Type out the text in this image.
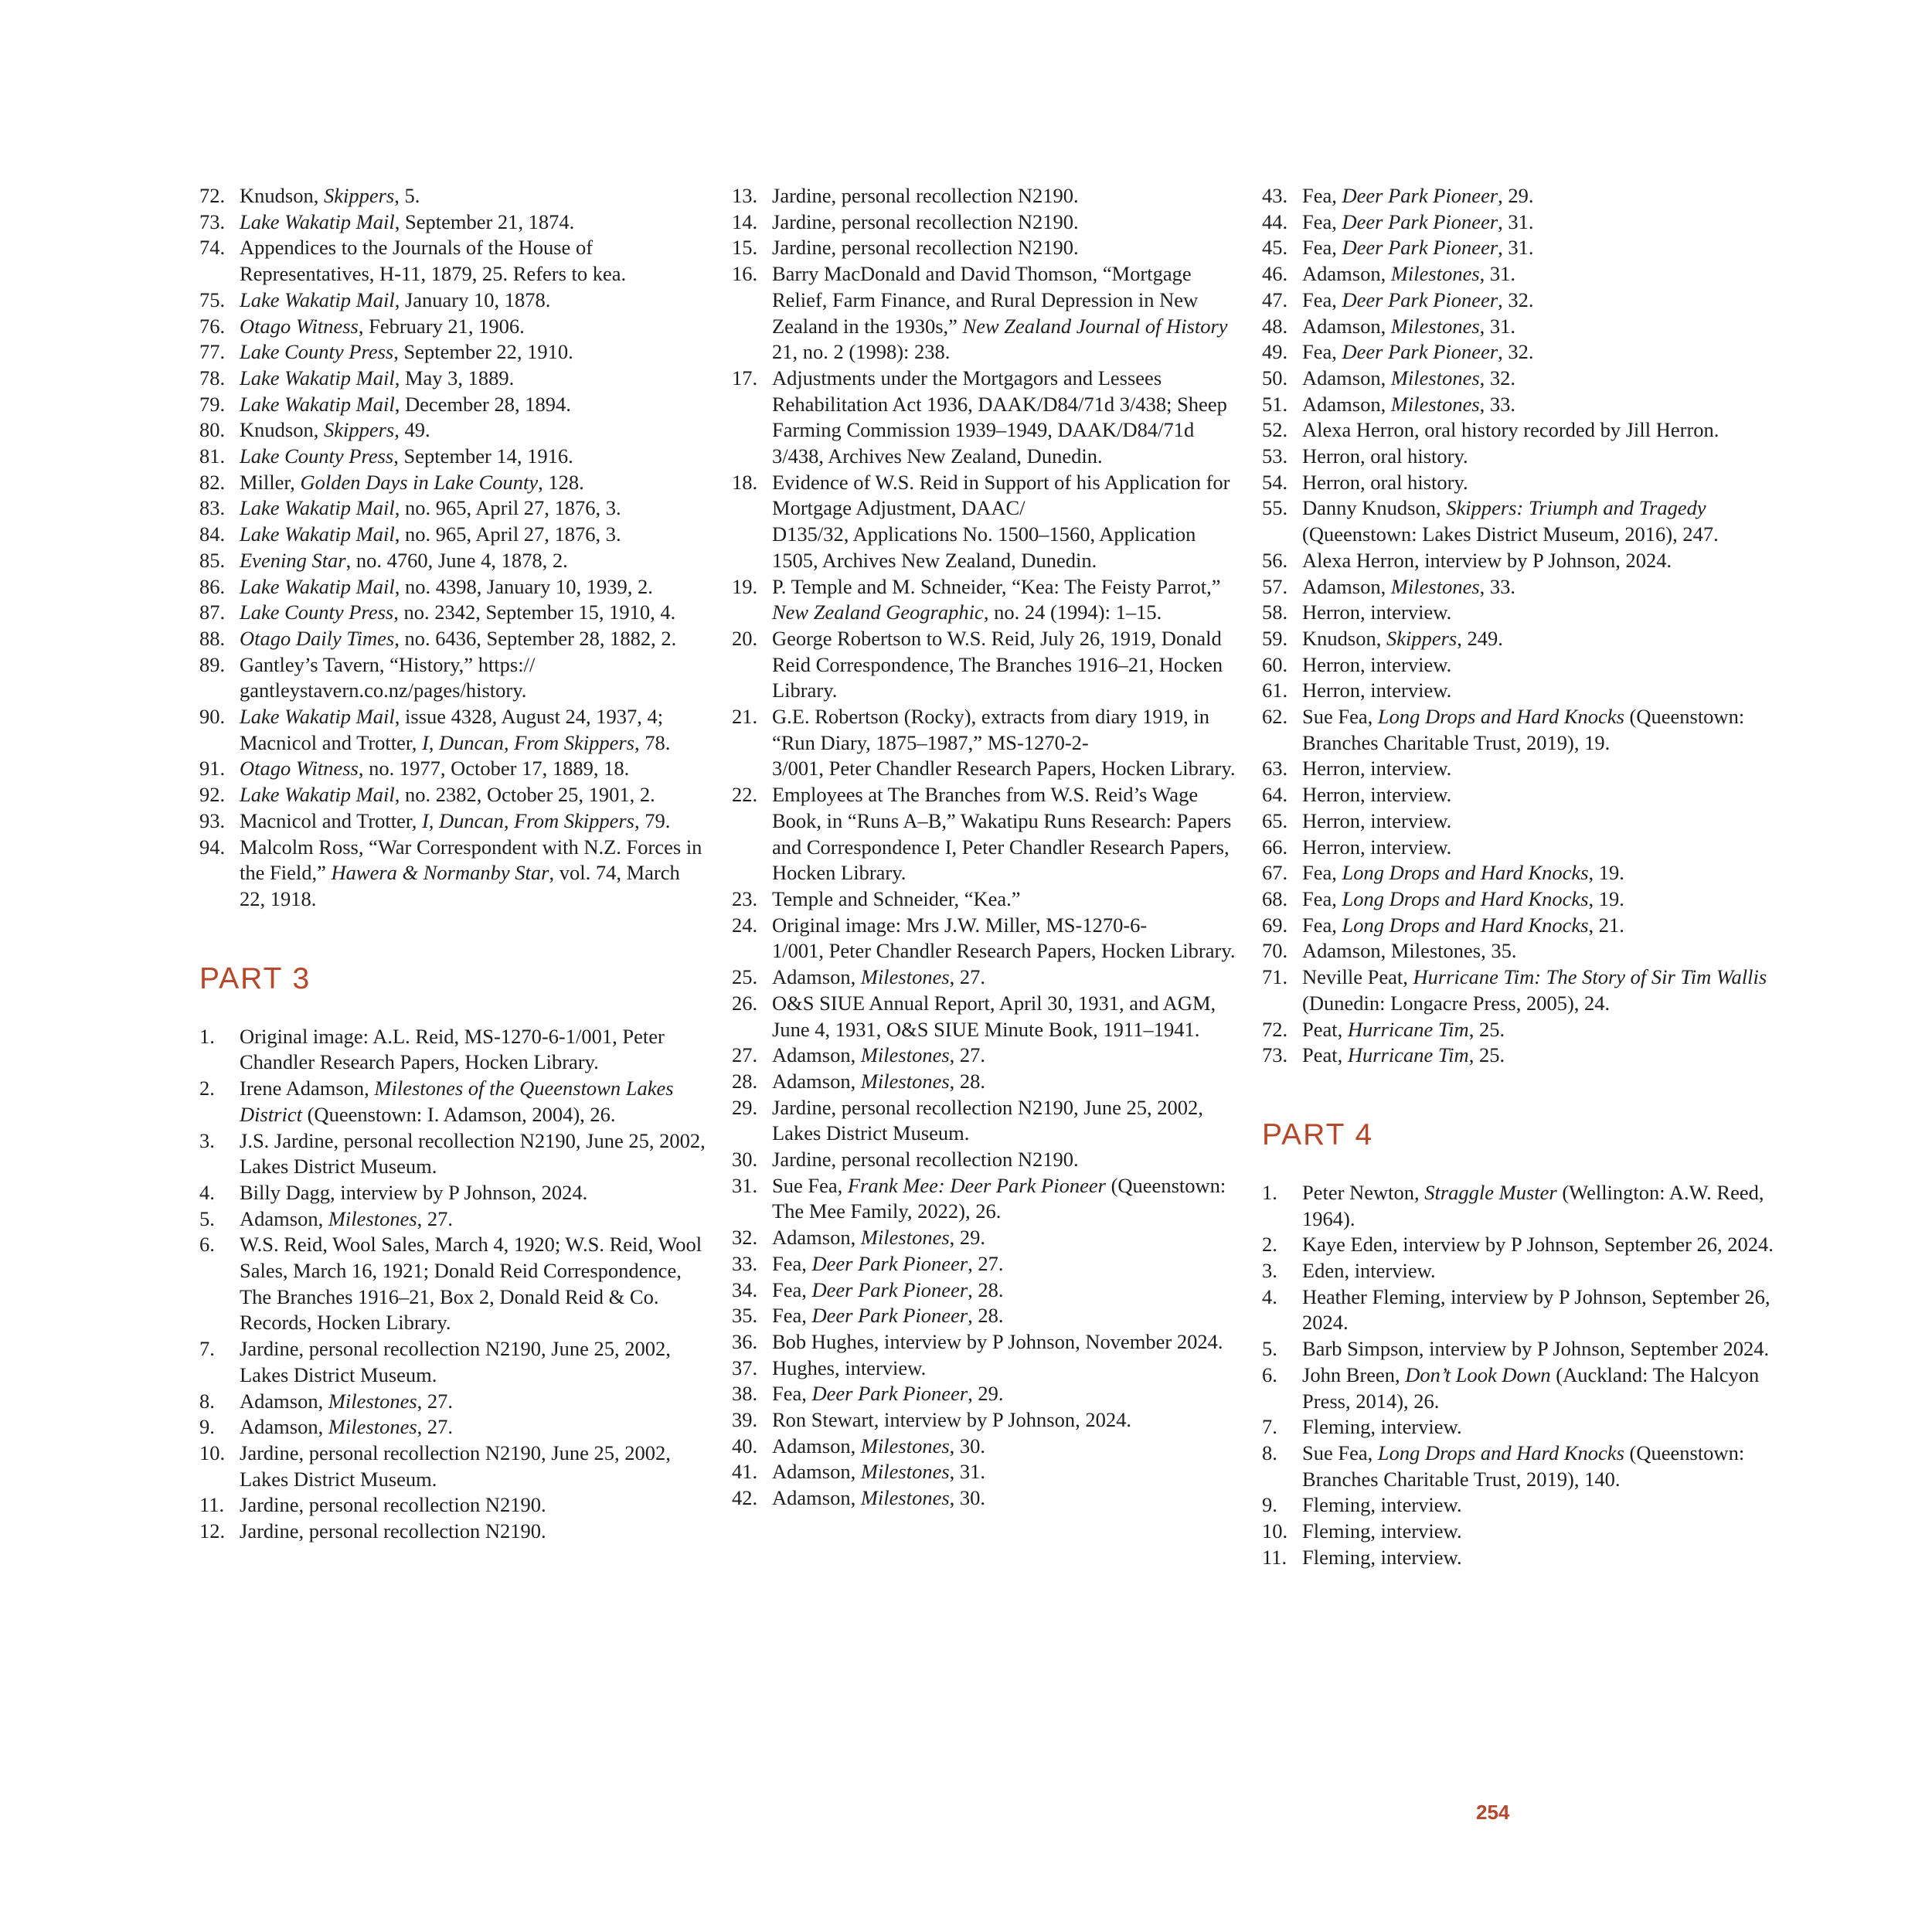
72. Knudson, Skippers, 5.
73. Lake Wakatip Mail, September 21, 1874.
74. Appendices to the Journals of the House of Representatives, H-11, 1879, 25. Refers to kea.
75. Lake Wakatip Mail, January 10, 1878.
76. Otago Witness, February 21, 1906.
77. Lake County Press, September 22, 1910.
78. Lake Wakatip Mail, May 3, 1889.
79. Lake Wakatip Mail, December 28, 1894.
80. Knudson, Skippers, 49.
81. Lake County Press, September 14, 1916.
82. Miller, Golden Days in Lake County, 128.
83. Lake Wakatip Mail, no. 965, April 27, 1876, 3.
84. Lake Wakatip Mail, no. 965, April 27, 1876, 3.
85. Evening Star, no. 4760, June 4, 1878, 2.
86. Lake Wakatip Mail, no. 4398, January 10, 1939, 2.
87. Lake County Press, no. 2342, September 15, 1910, 4.
88. Otago Daily Times, no. 6436, September 28, 1882, 2.
89. Gantley’s Tavern, “History,” https://
gantleystavern.co.nz/pages/history.
90. Lake Wakatip Mail, issue 4328, August 24, 1937, 4; Macnicol and Trotter, I, Duncan, From Skippers, 78.
91. Otago Witness, no. 1977, October 17, 1889, 18.
92. Lake Wakatip Mail, no. 2382, October 25, 1901, 2.
93. Macnicol and Trotter, I, Duncan, From Skippers, 79.
94. Malcolm Ross, “War Correspondent with N.Z. Forces in the Field,” Hawera & Normanby Star, vol. 74, March 22, 1918.
PART 3
1. Original image: A.L. Reid, MS-1270-6-1/001, Peter Chandler Research Papers, Hocken Library.
2. Irene Adamson, Milestones of the Queenstown Lakes District (Queenstown: I. Adamson, 2004), 26.
3. J.S. Jardine, personal recollection N2190, June 25, 2002, Lakes District Museum.
4. Billy Dagg, interview by P Johnson, 2024.
5. Adamson, Milestones, 27.
6. W.S. Reid, Wool Sales, March 4, 1920; W.S. Reid, Wool Sales, March 16, 1921; Donald Reid Correspondence, The Branches 1916–21, Box 2, Donald Reid & Co. Records, Hocken Library.
7. Jardine, personal recollection N2190, June 25, 2002, Lakes District Museum.
8. Adamson, Milestones, 27.
9. Adamson, Milestones, 27.
10. Jardine, personal recollection N2190, June 25, 2002, Lakes District Museum.
11. Jardine, personal recollection N2190.
12. Jardine, personal recollection N2190.
13. Jardine, personal recollection N2190.
14. Jardine, personal recollection N2190.
15. Jardine, personal recollection N2190.
16. Barry MacDonald and David Thomson, “Mortgage Relief, Farm Finance, and Rural Depression in New Zealand in the 1930s,” New Zealand Journal of History 21, no. 2 (1998): 238.
17. Adjustments under the Mortgagors and Lessees Rehabilitation Act 1936, DAAK/D84/71d 3/438; Sheep Farming Commission 1939–1949, DAAK/D84/71d 3/438, Archives New Zealand, Dunedin.
18. Evidence of W.S. Reid in Support of his Application for Mortgage Adjustment, DAAC/
D135/32, Applications No. 1500–1560, Application 1505, Archives New Zealand, Dunedin.
19. P. Temple and M. Schneider, “Kea: The Feisty Parrot,” New Zealand Geographic, no. 24 (1994): 1–15.
20. George Robertson to W.S. Reid, July 26, 1919, Donald Reid Correspondence, The Branches 1916–21, Hocken Library.
21. G.E. Robertson (Rocky), extracts from diary 1919, in “Run Diary, 1875–1987,” MS-1270-2-
3/001, Peter Chandler Research Papers, Hocken Library.
22. Employees at The Branches from W.S. Reid’s Wage Book, in “Runs A–B,” Wakatipu Runs Research: Papers and Correspondence I, Peter Chandler Research Papers, Hocken Library.
23. Temple and Schneider, “Kea.”
24. Original image: Mrs J.W. Miller, MS-1270-6-
1/001, Peter Chandler Research Papers, Hocken Library.
25. Adamson, Milestones, 27.
26. O&S SIUE Annual Report, April 30, 1931, and AGM, June 4, 1931, O&S SIUE Minute Book, 1911–1941.
27. Adamson, Milestones, 27.
28. Adamson, Milestones, 28.
29. Jardine, personal recollection N2190, June 25, 2002, Lakes District Museum.
30. Jardine, personal recollection N2190.
31. Sue Fea, Frank Mee: Deer Park Pioneer (Queenstown: The Mee Family, 2022), 26.
32. Adamson, Milestones, 29.
33. Fea, Deer Park Pioneer, 27.
34. Fea, Deer Park Pioneer, 28.
35. Fea, Deer Park Pioneer, 28.
36. Bob Hughes, interview by P Johnson, November 2024.
37. Hughes, interview.
38. Fea, Deer Park Pioneer, 29.
39. Ron Stewart, interview by P Johnson, 2024.
40. Adamson, Milestones, 30.
41. Adamson, Milestones, 31.
42. Adamson, Milestones, 30.
43. Fea, Deer Park Pioneer, 29.
44. Fea, Deer Park Pioneer, 31.
45. Fea, Deer Park Pioneer, 31.
46. Adamson, Milestones, 31.
47. Fea, Deer Park Pioneer, 32.
48. Adamson, Milestones, 31.
49. Fea, Deer Park Pioneer, 32.
50. Adamson, Milestones, 32.
51. Adamson, Milestones, 33.
52. Alexa Herron, oral history recorded by Jill Herron.
53. Herron, oral history.
54. Herron, oral history.
55. Danny Knudson, Skippers: Triumph and Tragedy (Queenstown: Lakes District Museum, 2016), 247.
56. Alexa Herron, interview by P Johnson, 2024.
57. Adamson, Milestones, 33.
58. Herron, interview.
59. Knudson, Skippers, 249.
60. Herron, interview.
61. Herron, interview.
62. Sue Fea, Long Drops and Hard Knocks (Queenstown: Branches Charitable Trust, 2019), 19.
63. Herron, interview.
64. Herron, interview.
65. Herron, interview.
66. Herron, interview.
67. Fea, Long Drops and Hard Knocks, 19.
68. Fea, Long Drops and Hard Knocks, 19.
69. Fea, Long Drops and Hard Knocks, 21.
70. Adamson, Milestones, 35.
71. Neville Peat, Hurricane Tim: The Story of Sir Tim Wallis (Dunedin: Longacre Press, 2005), 24.
72. Peat, Hurricane Tim, 25.
73. Peat, Hurricane Tim, 25.
PART 4
1. Peter Newton, Straggle Muster (Wellington: A.W. Reed, 1964).
2. Kaye Eden, interview by P Johnson, September 26, 2024.
3. Eden, interview.
4. Heather Fleming, interview by P Johnson, September 26, 2024.
5. Barb Simpson, interview by P Johnson, September 2024.
6. John Breen, Don’t Look Down (Auckland: The Halcyon Press, 2014), 26.
7. Fleming, interview.
8. Sue Fea, Long Drops and Hard Knocks (Queenstown: Branches Charitable Trust, 2019), 140.
9. Fleming, interview.
10. Fleming, interview.
11. Fleming, interview.
254
